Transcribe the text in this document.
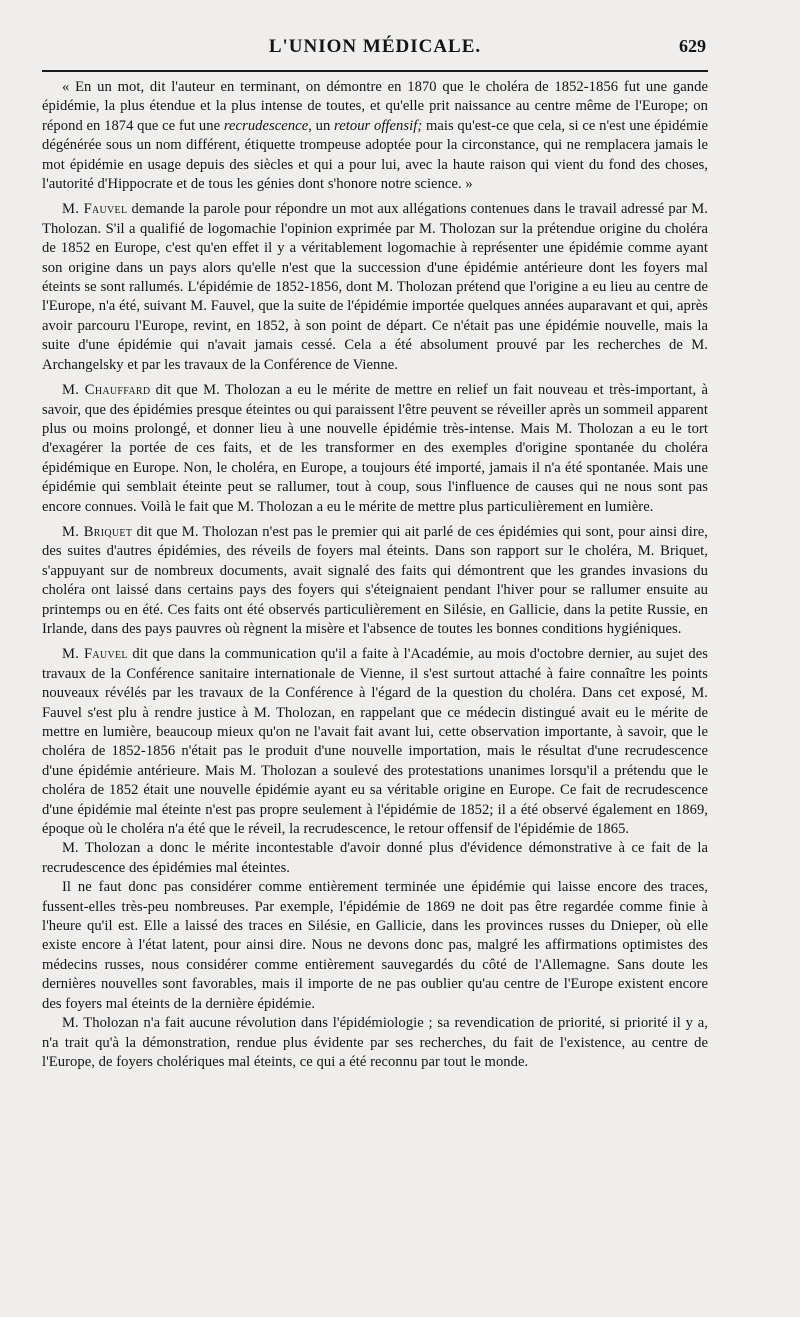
L'UNION MÉDICALE.	629

« En un mot, dit l'auteur en terminant, on démontre en 1870 que le choléra de 1852-1856 fut une gande épidémie, la plus étendue et la plus intense de toutes, et qu'elle prit naissance au centre même de l'Europe; on répond en 1874 que ce fut une recrudescence, un retour offensif; mais qu'est-ce que cela, si ce n'est une épidémie dégénérée sous un nom différent, étiquette trompeuse adoptée pour la circonstance, qui ne remplacera jamais le mot épidémie en usage depuis des siècles et qui a pour lui, avec la haute raison qui vient du fond des choses, l'autorité d'Hippocrate et de tous les génies dont s'honore notre science. »

M. Fauvel demande la parole pour répondre un mot aux allégations contenues dans le travail adressé par M. Tholozan. S'il a qualifié de logomachie l'opinion exprimée par M. Tholozan sur la prétendue origine du choléra de 1852 en Europe, c'est qu'en effet il y a véritablement logomachie à représenter une épidémie comme ayant son origine dans un pays alors qu'elle n'est que la succession d'une épidémie antérieure dont les foyers mal éteints se sont rallumés. L'épidémie de 1852-1856, dont M. Tholozan prétend que l'origine a eu lieu au centre de l'Europe, n'a été, suivant M. Fauvel, que la suite de l'épidémie importée quelques années auparavant et qui, après avoir parcouru l'Europe, revint, en 1852, à son point de départ. Ce n'était pas une épidémie nouvelle, mais la suite d'une épidémie qui n'avait jamais cessé. Cela a été absolument prouvé par les recherches de M. Archangelsky et par les travaux de la Conférence de Vienne.

M. Chauffard dit que M. Tholozan a eu le mérite de mettre en relief un fait nouveau et très-important, à savoir, que des épidémies presque éteintes ou qui paraissent l'être peuvent se réveiller après un sommeil apparent plus ou moins prolongé, et donner lieu à une nouvelle épidémie très-intense. Mais M. Tholozan a eu le tort d'exagérer la portée de ces faits, et de les transformer en des exemples d'origine spontanée du choléra épidémique en Europe. Non, le choléra, en Europe, a toujours été importé, jamais il n'a été spontanée. Mais une épidémie qui semblait éteinte peut se rallumer, tout à coup, sous l'influence de causes qui ne nous sont pas encore connues. Voilà le fait que M. Tholozan a eu le mérite de mettre plus particulièrement en lumière.

M. Briquet dit que M. Tholozan n'est pas le premier qui ait parlé de ces épidémies qui sont, pour ainsi dire, des suites d'autres épidémies, des réveils de foyers mal éteints. Dans son rapport sur le choléra, M. Briquet, s'appuyant sur de nombreux documents, avait signalé des faits qui démontrent que les grandes invasions du choléra ont laissé dans certains pays des foyers qui s'éteignaient pendant l'hiver pour se rallumer ensuite au printemps ou en été. Ces faits ont été observés particulièrement en Silésie, en Gallicie, dans la petite Russie, en Irlande, dans des pays pauvres où règnent la misère et l'absence de toutes les bonnes conditions hygiéniques.

M. Fauvel dit que dans la communication qu'il a faite à l'Académie, au mois d'octobre dernier, au sujet des travaux de la Conférence sanitaire internationale de Vienne, il s'est surtout attaché à faire connaître les points nouveaux révélés par les travaux de la Conférence à l'égard de la question du choléra. Dans cet exposé, M. Fauvel s'est plu à rendre justice à M. Tholozan, en rappelant que ce médecin distingué avait eu le mérite de mettre en lumière, beaucoup mieux qu'on ne l'avait fait avant lui, cette observation importante, à savoir, que le choléra de 1852-1856 n'était pas le produit d'une nouvelle importation, mais le résultat d'une recrudescence d'une épidémie antérieure. Mais M. Tholozan a soulevé des protestations unanimes lorsqu'il a prétendu que le choléra de 1852 était une nouvelle épidémie ayant eu sa véritable origine en Europe. Ce fait de recrudescence d'une épidémie mal éteinte n'est pas propre seulement à l'épidémie de 1852; il a été observé également en 1869, époque où le choléra n'a été que le réveil, la recrudescence, le retour offensif de l'épidémie de 1865.

M. Tholozan a donc le mérite incontestable d'avoir donné plus d'évidence démonstrative à ce fait de la recrudescence des épidémies mal éteintes.

Il ne faut donc pas considérer comme entièrement terminée une épidémie qui laisse encore des traces, fussent-elles très-peu nombreuses. Par exemple, l'épidémie de 1869 ne doit pas être regardée comme finie à l'heure qu'il est. Elle a laissé des traces en Silésie, en Gallicie, dans les provinces russes du Dnieper, où elle existe encore à l'état latent, pour ainsi dire. Nous ne devons donc pas, malgré les affirmations optimistes des médecins russes, nous considérer comme entièrement sauvegardés du côté de l'Allemagne. Sans doute les dernières nouvelles sont favorables, mais il importe de ne pas oublier qu'au centre de l'Europe existent encore des foyers mal éteints de la dernière épidémie.

M. Tholozan n'a fait aucune révolution dans l'épidémiologie ; sa revendication de priorité, si priorité il y a, n'a trait qu'à la démonstration, rendue plus évidente par ses recherches, du fait de l'existence, au centre de l'Europe, de foyers cholériques mal éteints, ce qui a été reconnu par tout le monde.
